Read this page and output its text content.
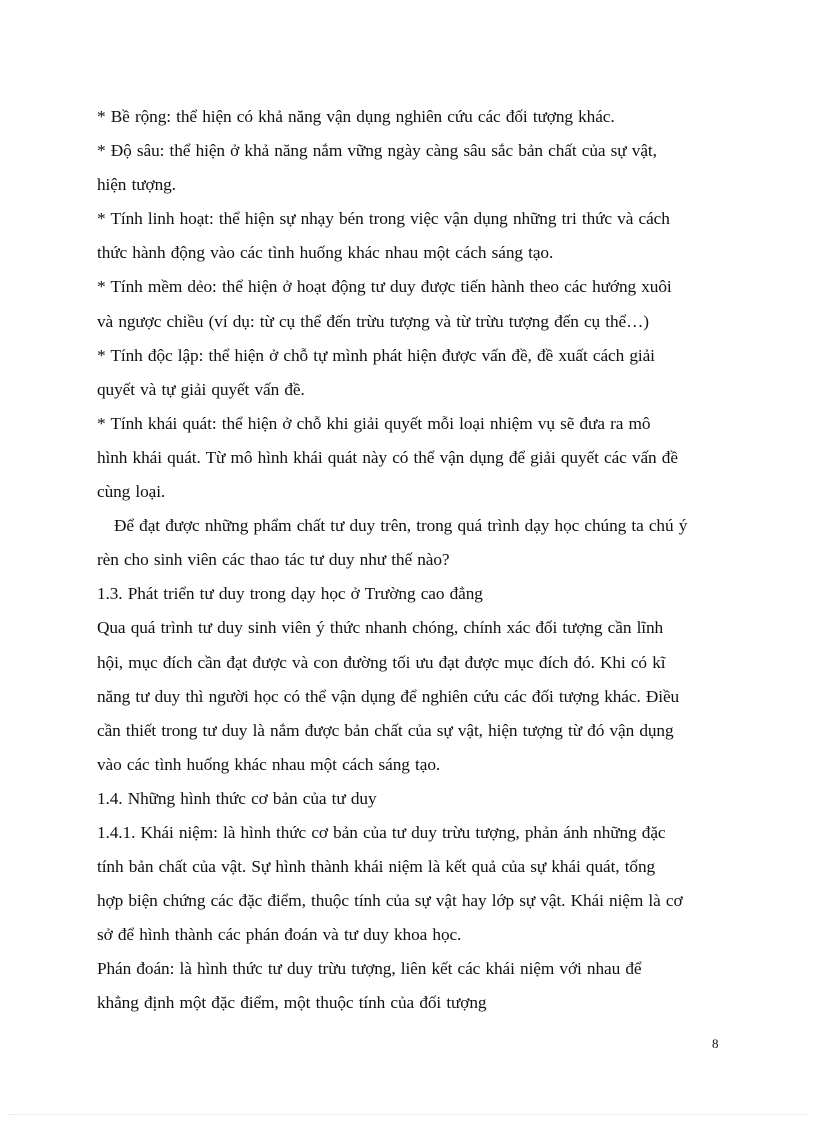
* Bề rộng: thể hiện có khả năng vận dụng nghiên cứu các đối tượng khác.
* Độ sâu: thể hiện ở khả năng nắm vững ngày càng sâu sắc bản chất của sự vật,
hiện tượng.
* Tính linh hoạt: thể hiện sự nhạy bén trong việc vận dụng những tri thức và cách
thức hành động vào các tình huống khác nhau một cách sáng tạo.
* Tính mềm dẻo: thể hiện ở hoạt động tư duy được tiến hành theo các hướng xuôi
và ngược chiều (ví dụ: từ cụ thể đến trừu tượng và từ trừu tượng đến cụ thể…)
* Tính độc lập: thể hiện ở chỗ tự mình phát hiện được vấn đề, đề xuất cách giải
quyết và tự giải quyết vấn đề.
* Tính khái quát: thể hiện ở chỗ khi giải quyết mỗi loại nhiệm vụ sẽ đưa ra mô
hình khái quát. Từ mô hình khái quát này có thể vận dụng để giải quyết các vấn đề
cùng loại.
Để đạt được những phẩm chất tư duy trên, trong quá trình dạy học chúng ta chú ý
rèn cho sinh viên các thao tác tư duy như thế nào?
1.3. Phát triển tư duy trong dạy học ở Trường cao đẳng
Qua quá trình tư duy sinh viên ý thức nhanh chóng, chính xác đối tượng cần lĩnh
hội, mục đích cần đạt được và con đường tối ưu đạt được mục đích đó. Khi có kĩ
năng tư duy thì người học có thể vận dụng để nghiên cứu các đối tượng khác. Điều
cần thiết trong tư duy là nắm được bản chất của sự vật, hiện tượng từ đó vận dụng
vào các tình huống khác nhau một cách sáng tạo.
1.4. Những hình thức cơ bản của tư duy
1.4.1. Khái niệm: là hình thức cơ bản của tư duy trừu tượng, phản ánh những đặc
tính bản chất của vật. Sự hình thành khái niệm là kết quả của sự khái quát, tổng
hợp biện chứng các đặc điểm, thuộc tính của sự vật hay lớp sự vật. Khái niệm là cơ
sở để hình thành các phán đoán và tư duy khoa học.
Phán đoán: là hình thức tư duy trừu tượng, liên kết các khái niệm với nhau để
khẳng định một đặc điểm, một thuộc tính của đối tượng
8
